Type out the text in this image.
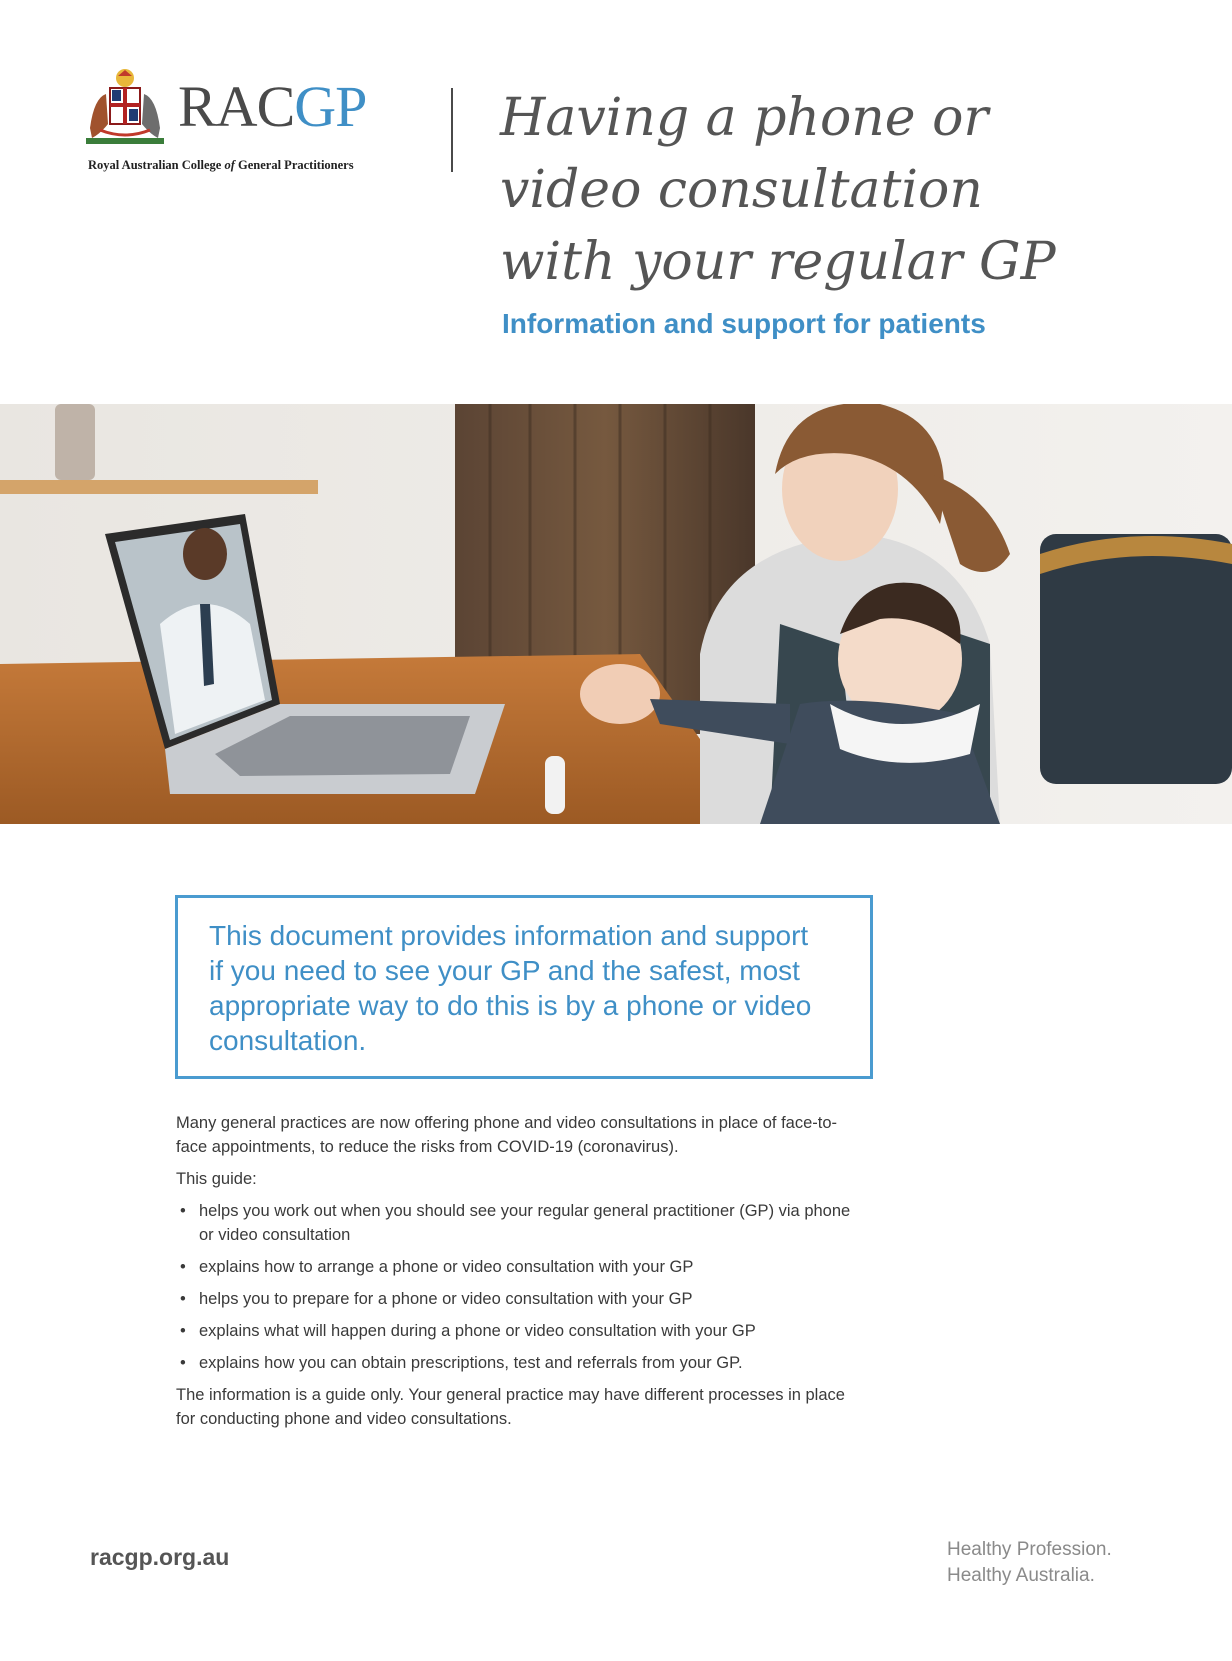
RACGP
Royal Australian College of General Practitioners
Having a phone or
video consultation
with your regular GP
Information and support for patients

This document provides information and support if you need to see your GP and the safest, most appropriate way to do this is by a phone or video consultation.

Many general practices are now offering phone and video consultations in place of face-to-face appointments, to reduce the risks from COVID-19 (coronavirus).

This guide:

• helps you work out when you should see your regular general practitioner (GP) via phone or video consultation
• explains how to arrange a phone or video consultation with your GP
• helps you to prepare for a phone or video consultation with your GP
• explains what will happen during a phone or video consultation with your GP
• explains how you can obtain prescriptions, test and referrals from your GP.

The information is a guide only. Your general practice may have different processes in place for conducting phone and video consultations.

racgp.org.au	Healthy Profession.
Healthy Australia.
